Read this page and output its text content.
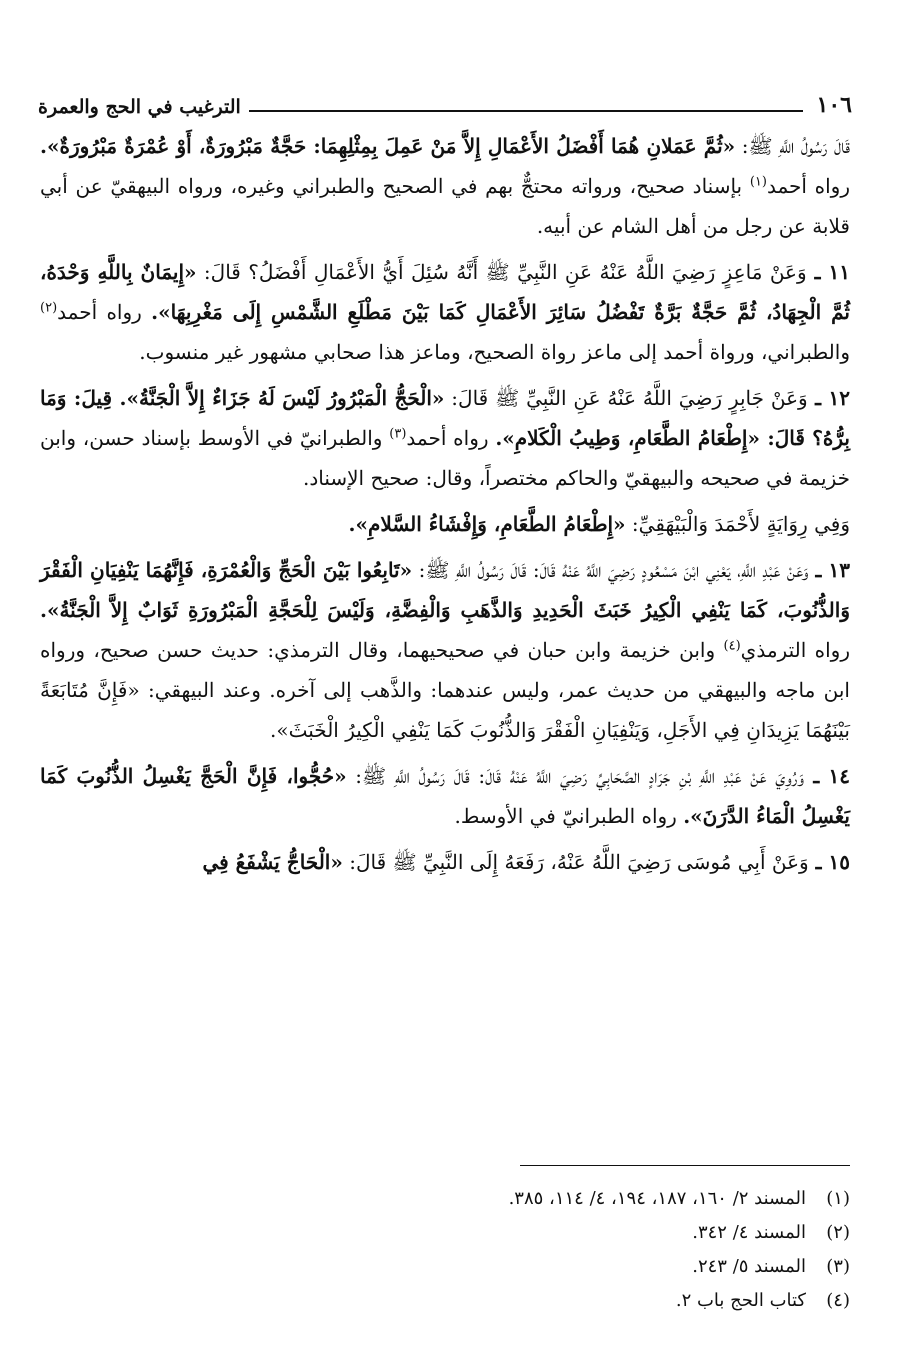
١٠٦
الترغيب في الحج والعمرة

قَالَ رَسُولُ اللَّهِ ﷺ: «ثُمَّ عَمَلانِ هُمَا أَفْضَلُ الأَعْمَالِ إِلاَّ مَنْ عَمِلَ بِمِثْلِهِمَا: حَجَّةٌ مَبْرُورَةٌ، أَوْ عُمْرَةٌ مَبْرُورَةٌ». رواه أحمد$^{(١)}$ بإسناد صحيح، ورواته محتجٌّ بهم في الصحيح والطبراني وغيره، ورواه البيهقيّ عن أبي قلابة عن رجل من أهل الشام عن أبيه.

١١ ـ وَعَنْ مَاعِزٍ رَضِيَ اللَّهُ عَنْهُ عَنِ النَّبِيِّ ﷺ أَنَّهُ سُئِلَ أَيُّ الأَعْمَالِ أَفْضَلُ؟ قَالَ: «إِيمَانٌ بِاللَّهِ وَحْدَهُ، ثُمَّ الْجِهَادُ، ثُمَّ حَجَّةٌ بَرَّةٌ تَفْضُلُ سَائِرَ الأَعْمَالِ كَمَا بَيْنَ مَطْلَعِ الشَّمْسِ إِلَى مَغْرِبِهَا». رواه أحمد$^{(٢)}$ والطبراني، ورواة أحمد إلى ماعز رواة الصحيح، وماعز هذا صحابي مشهور غير منسوب.

١٢ ـ وَعَنْ جَابِرٍ رَضِيَ اللَّهُ عَنْهُ عَنِ النَّبِيِّ ﷺ قَالَ: «الْحَجُّ الْمَبْرُورُ لَيْسَ لَهُ جَزَاءٌ إِلاَّ الْجَنَّةُ». قِيلَ: وَمَا بِرُّهُ؟ قَالَ: «إِطْعَامُ الطَّعَامِ، وَطِيبُ الْكَلامِ». رواه أحمد$^{(٣)}$ والطبرانيّ في الأوسط بإسناد حسن، وابن خزيمة في صحيحه والبيهقيّ والحاكم مختصراً، وقال: صحيح الإسناد.

وَفِي رِوَايَةٍ لأَحْمَدَ وَالْبَيْهَقِيِّ: «إِطْعَامُ الطَّعَامِ، وَإِفْشَاءُ السَّلامِ».

١٣ ـ وَعَنْ عَبْدِ اللَّهِ، يَعْنِي ابْنَ مَسْعُودٍ رَضِيَ اللَّهُ عَنْهُ قَالَ: قَالَ رَسُولُ اللَّهِ ﷺ: «تَابِعُوا بَيْنَ الْحَجِّ وَالْعُمْرَةِ، فَإِنَّهُمَا يَنْفِيَانِ الْفَقْرَ وَالذُّنُوبَ، كَمَا يَنْفِي الْكِيرُ خَبَثَ الْحَدِيدِ وَالذَّهَبِ وَالْفِضَّةِ، وَلَيْسَ لِلْحَجَّةِ الْمَبْرُورَةِ ثَوَابٌ إِلاَّ الْجَنَّةُ». رواه الترمذي$^{(٤)}$ وابن خزيمة وابن حبان في صحيحيهما، وقال الترمذي: حديث حسن صحيح، ورواه ابن ماجه والبيهقي من حديث عمر، وليس عندهما: والذَّهب إلى آخره. وعند البيهقي: «فَإِنَّ مُتَابَعَةً بَيْنَهُمَا يَزِيدَانِ فِي الأَجَلِ، وَيَنْفِيَانِ الْفَقْرَ وَالذُّنُوبَ كَمَا يَنْفِي الْكِيرُ الْخَبَثَ».

١٤ ـ وَرُوِيَ عَنْ عَبْدِ اللَّهِ بْنِ جَرَادٍ الصَّحَابِيِّ رَضِيَ اللَّهُ عَنْهُ قَالَ: قَالَ رَسُولُ اللَّهِ ﷺ: «حُجُّوا، فَإِنَّ الْحَجَّ يَغْسِلُ الذُّنُوبَ كَمَا يَغْسِلُ الْمَاءُ الدَّرَنَ». رواه الطبرانيّ في الأوسط.

١٥ ـ وَعَنْ أَبِي مُوسَى رَضِيَ اللَّهُ عَنْهُ، رَفَعَهُ إِلَى النَّبِيِّ ﷺ قَالَ: «الْحَاجُّ يَشْفَعُ فِي

(١)
المسند ٢/ ١٦٠، ١٨٧، ١٩٤، ٤/ ١١٤، ٣٨٥.
(٢)
المسند ٤/ ٣٤٢.
(٣)
المسند ٥/ ٢٤٣.
(٤)
كتاب الحج باب ٢.
